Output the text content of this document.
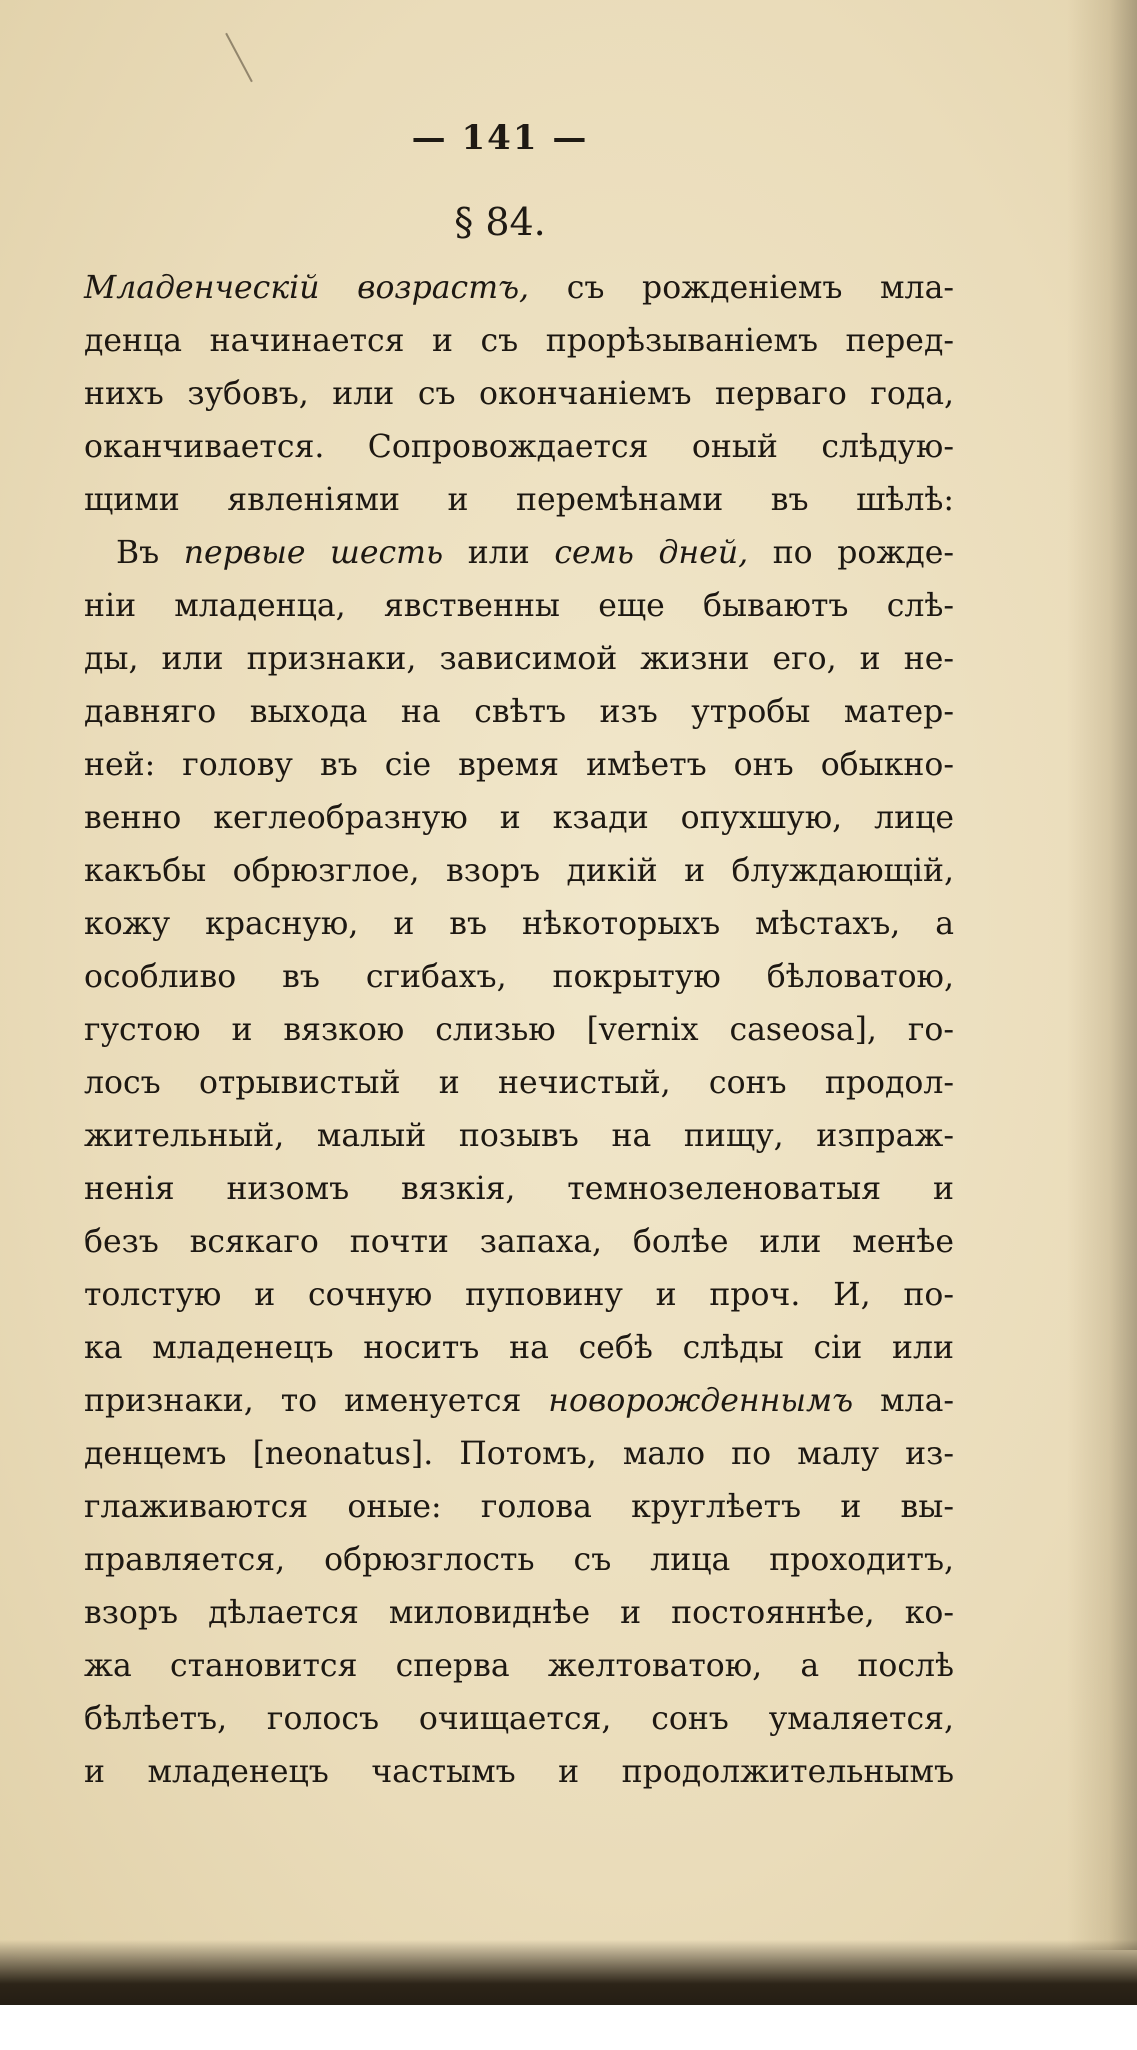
— 141 —
§ 84.
Младенческій возрастъ, съ рожденіемъ мла-
денца начинается и съ прорѣзываніемъ перед-
нихъ зубовъ, или съ окончаніемъ перваго года,
оканчивается. Сопровождается оный слѣдую-
щими явленіями и перемѣнами въ шѣлѣ:
Въ первые шесть или семь дней, по рожде-
ніи младенца, явственны еще бываютъ слѣ-
ды, или признаки, зависимой жизни его, и не-
давняго выхода на свѣтъ изъ утробы матер-
ней: голову въ сіе время имѣетъ онъ обыкно-
венно кеглеобразную и кзади опухшую, лице
какъбы обрюзглое, взоръ дикій и блуждающій,
кожу красную, и въ нѣкоторыхъ мѣстахъ, а
особливо въ сгибахъ, покрытую бѣловатою,
густою и вязкою слизью [vernix caseosa], го-
лосъ отрывистый и нечистый, сонъ продол-
жительный, малый позывъ на пищу, изпраж-
ненія низомъ вязкія, темнозеленоватыя и
безъ всякаго почти запаха, болѣе или менѣе
толстую и сочную пуповину и проч. И, по-
ка младенецъ носитъ на себѣ слѣды сіи или
признаки, то именуется новорожденнымъ мла-
денцемъ [neonatus]. Потомъ, мало по малу из-
глаживаются оные: голова круглѣетъ и вы-
правляется, обрюзглость съ лица проходитъ,
взоръ дѣлается миловиднѣе и постояннѣе, ко-
жа становится сперва желтоватою, а послѣ
бѣлѣетъ, голосъ очищается, сонъ умаляется,
и младенецъ частымъ и продолжительнымъ
